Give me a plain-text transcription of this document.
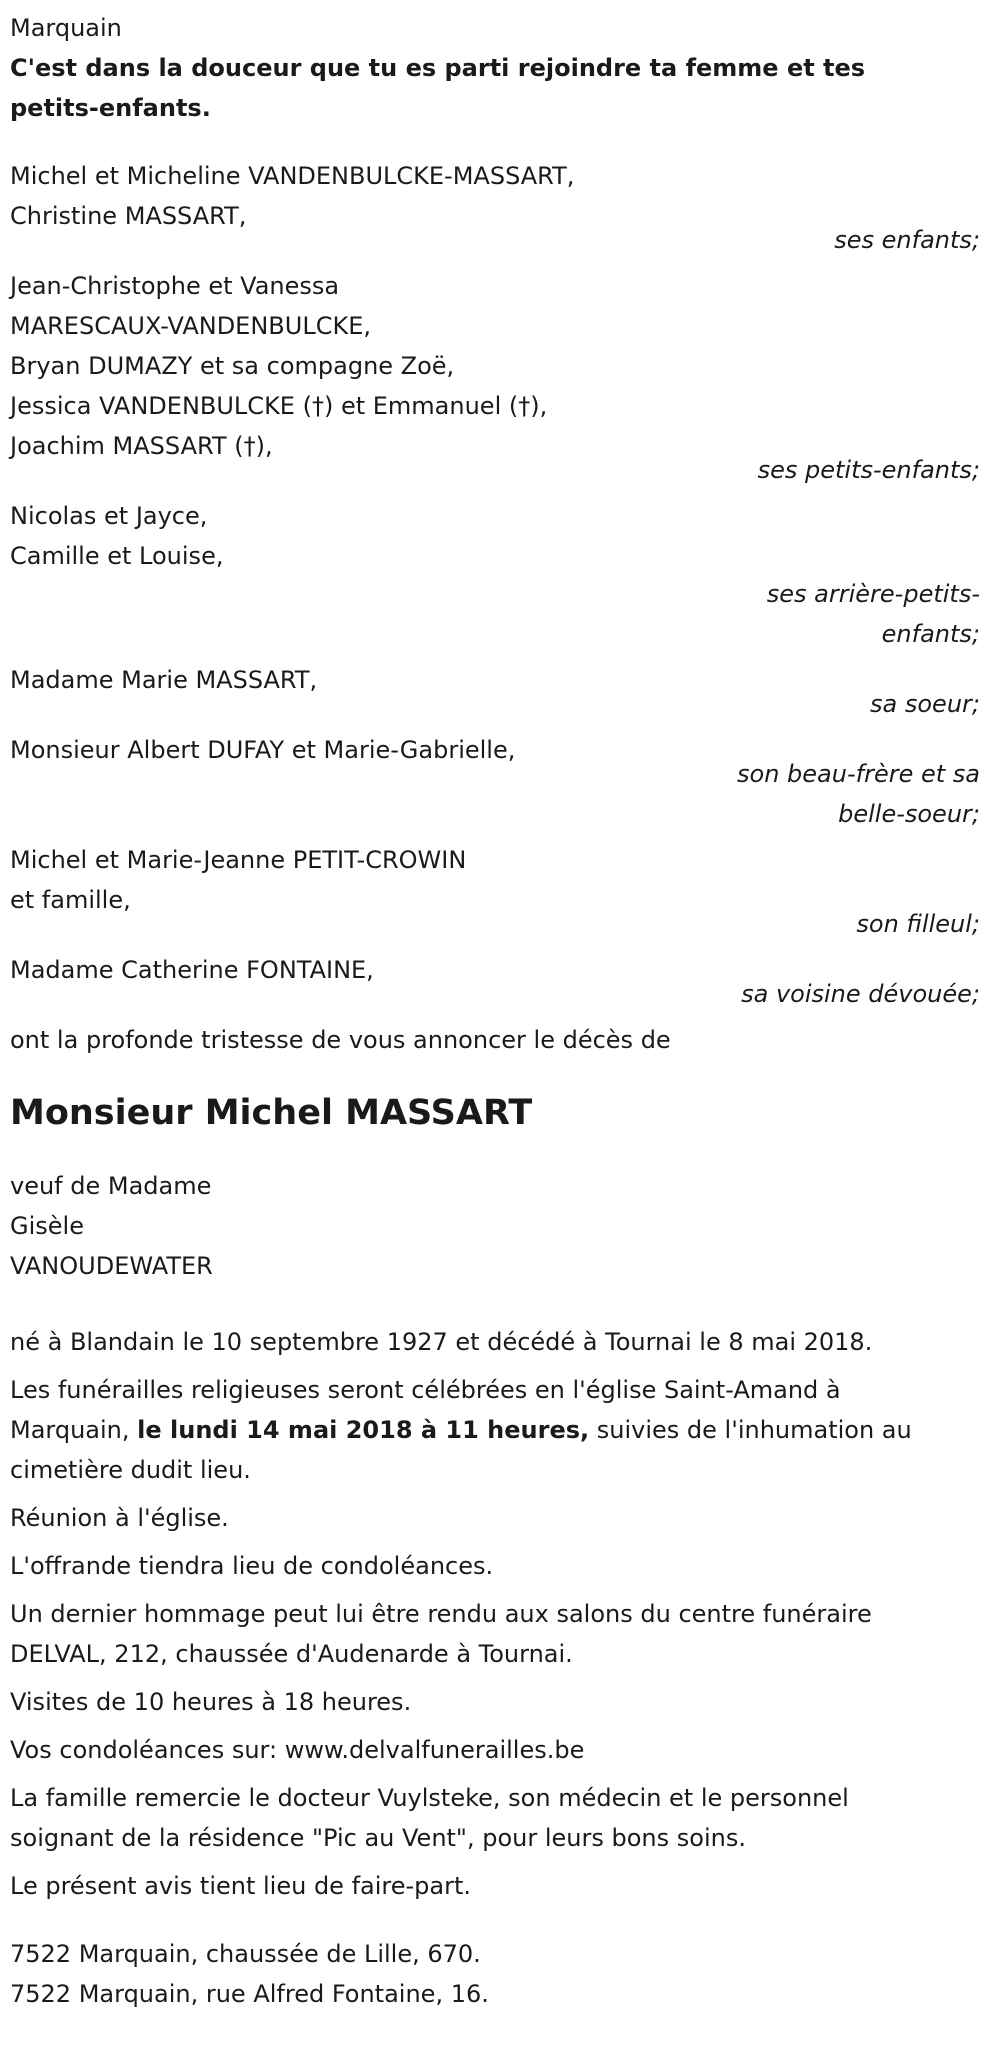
Marquain
C'est dans la douceur que tu es parti rejoindre ta femme et tes
petits-enfants.
Michel et Micheline VANDENBULCKE-MASSART,
Christine MASSART,
ses enfants;
Jean-Christophe et Vanessa
MARESCAUX-VANDENBULCKE,
Bryan DUMAZY et sa compagne Zoë,
Jessica VANDENBULCKE (†) et Emmanuel (†),
Joachim MASSART (†),
ses petits-enfants;
Nicolas et Jayce,
Camille et Louise,
ses arrière-petits-
enfants;
Madame Marie MASSART,
sa soeur;
Monsieur Albert DUFAY et Marie-Gabrielle,
son beau-frère et sa
belle-soeur;
Michel et Marie-Jeanne PETIT-CROWIN
et famille,
son filleul;
Madame Catherine FONTAINE,
sa voisine dévouée;
ont la profonde tristesse de vous annoncer le décès de
Monsieur Michel MASSART
veuf de Madame
Gisèle
VANOUDEWATER
né à Blandain le 10 septembre 1927 et décédé à Tournai le 8 mai 2018.
Les funérailles religieuses seront célébrées en l'église Saint-Amand à
Marquain, le lundi 14 mai 2018 à 11 heures, suivies de l'inhumation au
cimetière dudit lieu.
Réunion à l'église.
L'offrande tiendra lieu de condoléances.
Un dernier hommage peut lui être rendu aux salons du centre funéraire
DELVAL, 212, chaussée d'Audenarde à Tournai.
Visites de 10 heures à 18 heures.
Vos condoléances sur: www.delvalfunerailles.be
La famille remercie le docteur Vuylsteke, son médecin et le personnel
soignant de la résidence "Pic au Vent", pour leurs bons soins.
Le présent avis tient lieu de faire-part.
7522 Marquain, chaussée de Lille, 670.
7522 Marquain, rue Alfred Fontaine, 16.
